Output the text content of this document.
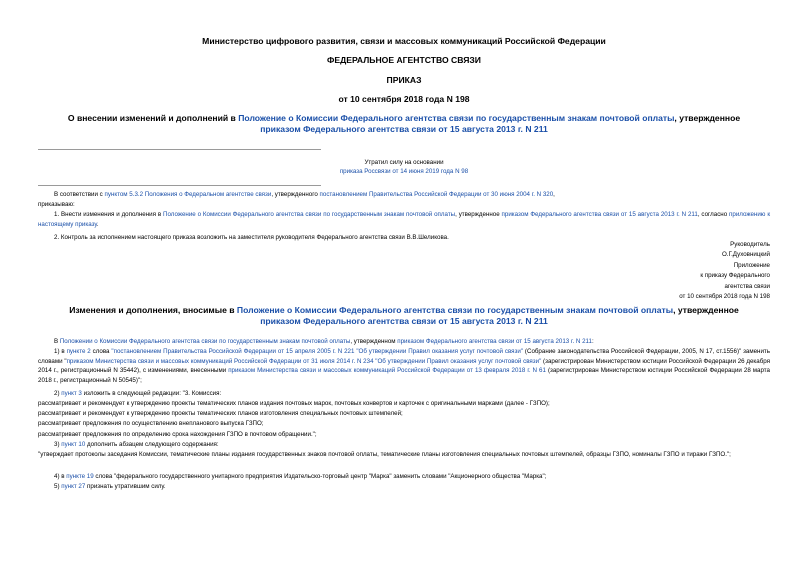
Министерство цифрового развития, связи и массовых коммуникаций Российской Федерации
ФЕДЕРАЛЬНОЕ АГЕНТСТВО СВЯЗИ
ПРИКАЗ
от 10 сентября 2018 года N 198
О внесении изменений и дополнений в Положение о Комиссии Федерального агентства связи по государственным знакам почтовой оплаты, утвержденное
приказом Федерального агентства связи от 15 августа 2013 г. N 211
Утратил силу на основании
приказа Россвязи от 14 июня 2019 года N 98
В соответствии с пунктом 5.3.2 Положения о Федеральном агентстве связи, утвержденного постановлением Правительства Российской Федерации от 30 июня 2004 г. N 320,
приказываю:
1. Внести изменения и дополнения в Положение о Комиссии Федерального агентства связи по государственным знакам почтовой оплаты, утвержденное приказом Федерального агентства связи от 15 августа 2013 г. N 211, согласно приложению к настоящему приказу.
2. Контроль за исполнением настоящего приказа возложить на заместителя руководителя Федерального агентства связи В.В.Шеликова.
Руководитель
О.Г.Духовницкий
Приложение
к приказу Федерального
агентства связи
от 10 сентября 2018 года N 198
Изменения и дополнения, вносимые в Положение о Комиссии Федерального агентства связи по государственным знакам почтовой оплаты, утвержденное
приказом Федерального агентства связи от 15 августа 2013 г. N 211
В Положении о Комиссии Федерального агентства связи по государственным знакам почтовой оплаты, утвержденном приказом Федерального агентства связи от 15 августа 2013 г. N 211:
1) в пункте 2 слова "постановлением Правительства Российской Федерации от 15 апреля 2005 г. N 221 "Об утверждении Правил оказания услуг почтовой связи" (Собрание законодательства Российской Федерации, 2005, N 17, ст.1556)" заменить словами "приказом Министерства связи и массовых коммуникаций Российской Федерации от 31 июля 2014 г. N 234 "Об утверждении Правил оказания услуг почтовой связи" (зарегистрирован Министерством юстиции Российской Федерации 26 декабря 2014 г., регистрационный N 35442), с изменениями, внесенными приказом Министерства связи и массовых коммуникаций Российской Федерации от 13 февраля 2018 г. N 61 (зарегистрирован Министерством юстиции Российской Федерации 28 марта 2018 г., регистрационный N 50545)";
2) пункт 3 изложить в следующей редакции: "3. Комиссия:
рассматривает и рекомендует к утверждению проекты тематических планов издания почтовых марок, почтовых конвертов и карточек с оригинальными марками (далее - ГЗПО);
рассматривает и рекомендует к утверждению проекты тематических планов изготовления специальных почтовых штемпелей;
рассматривает предложения по осуществлению внепланового выпуска ГЗПО;
рассматривает предложения по определению срока нахождения ГЗПО в почтовом обращении.";
3) пункт 10 дополнить абзацем следующего содержания:
"утверждает протоколы заседания Комиссии, тематические планы издания государственных знаков почтовой оплаты, тематические планы изготовления специальных почтовых штемпелей, образцы ГЗПО, номиналы ГЗПО и тиражи ГЗПО.";
4) в пункте 19 слова "федерального государственного унитарного предприятия Издательско-торговый центр "Марка" заменить словами "Акционерного общества "Марка";
5) пункт 27 признать утратившим силу.
